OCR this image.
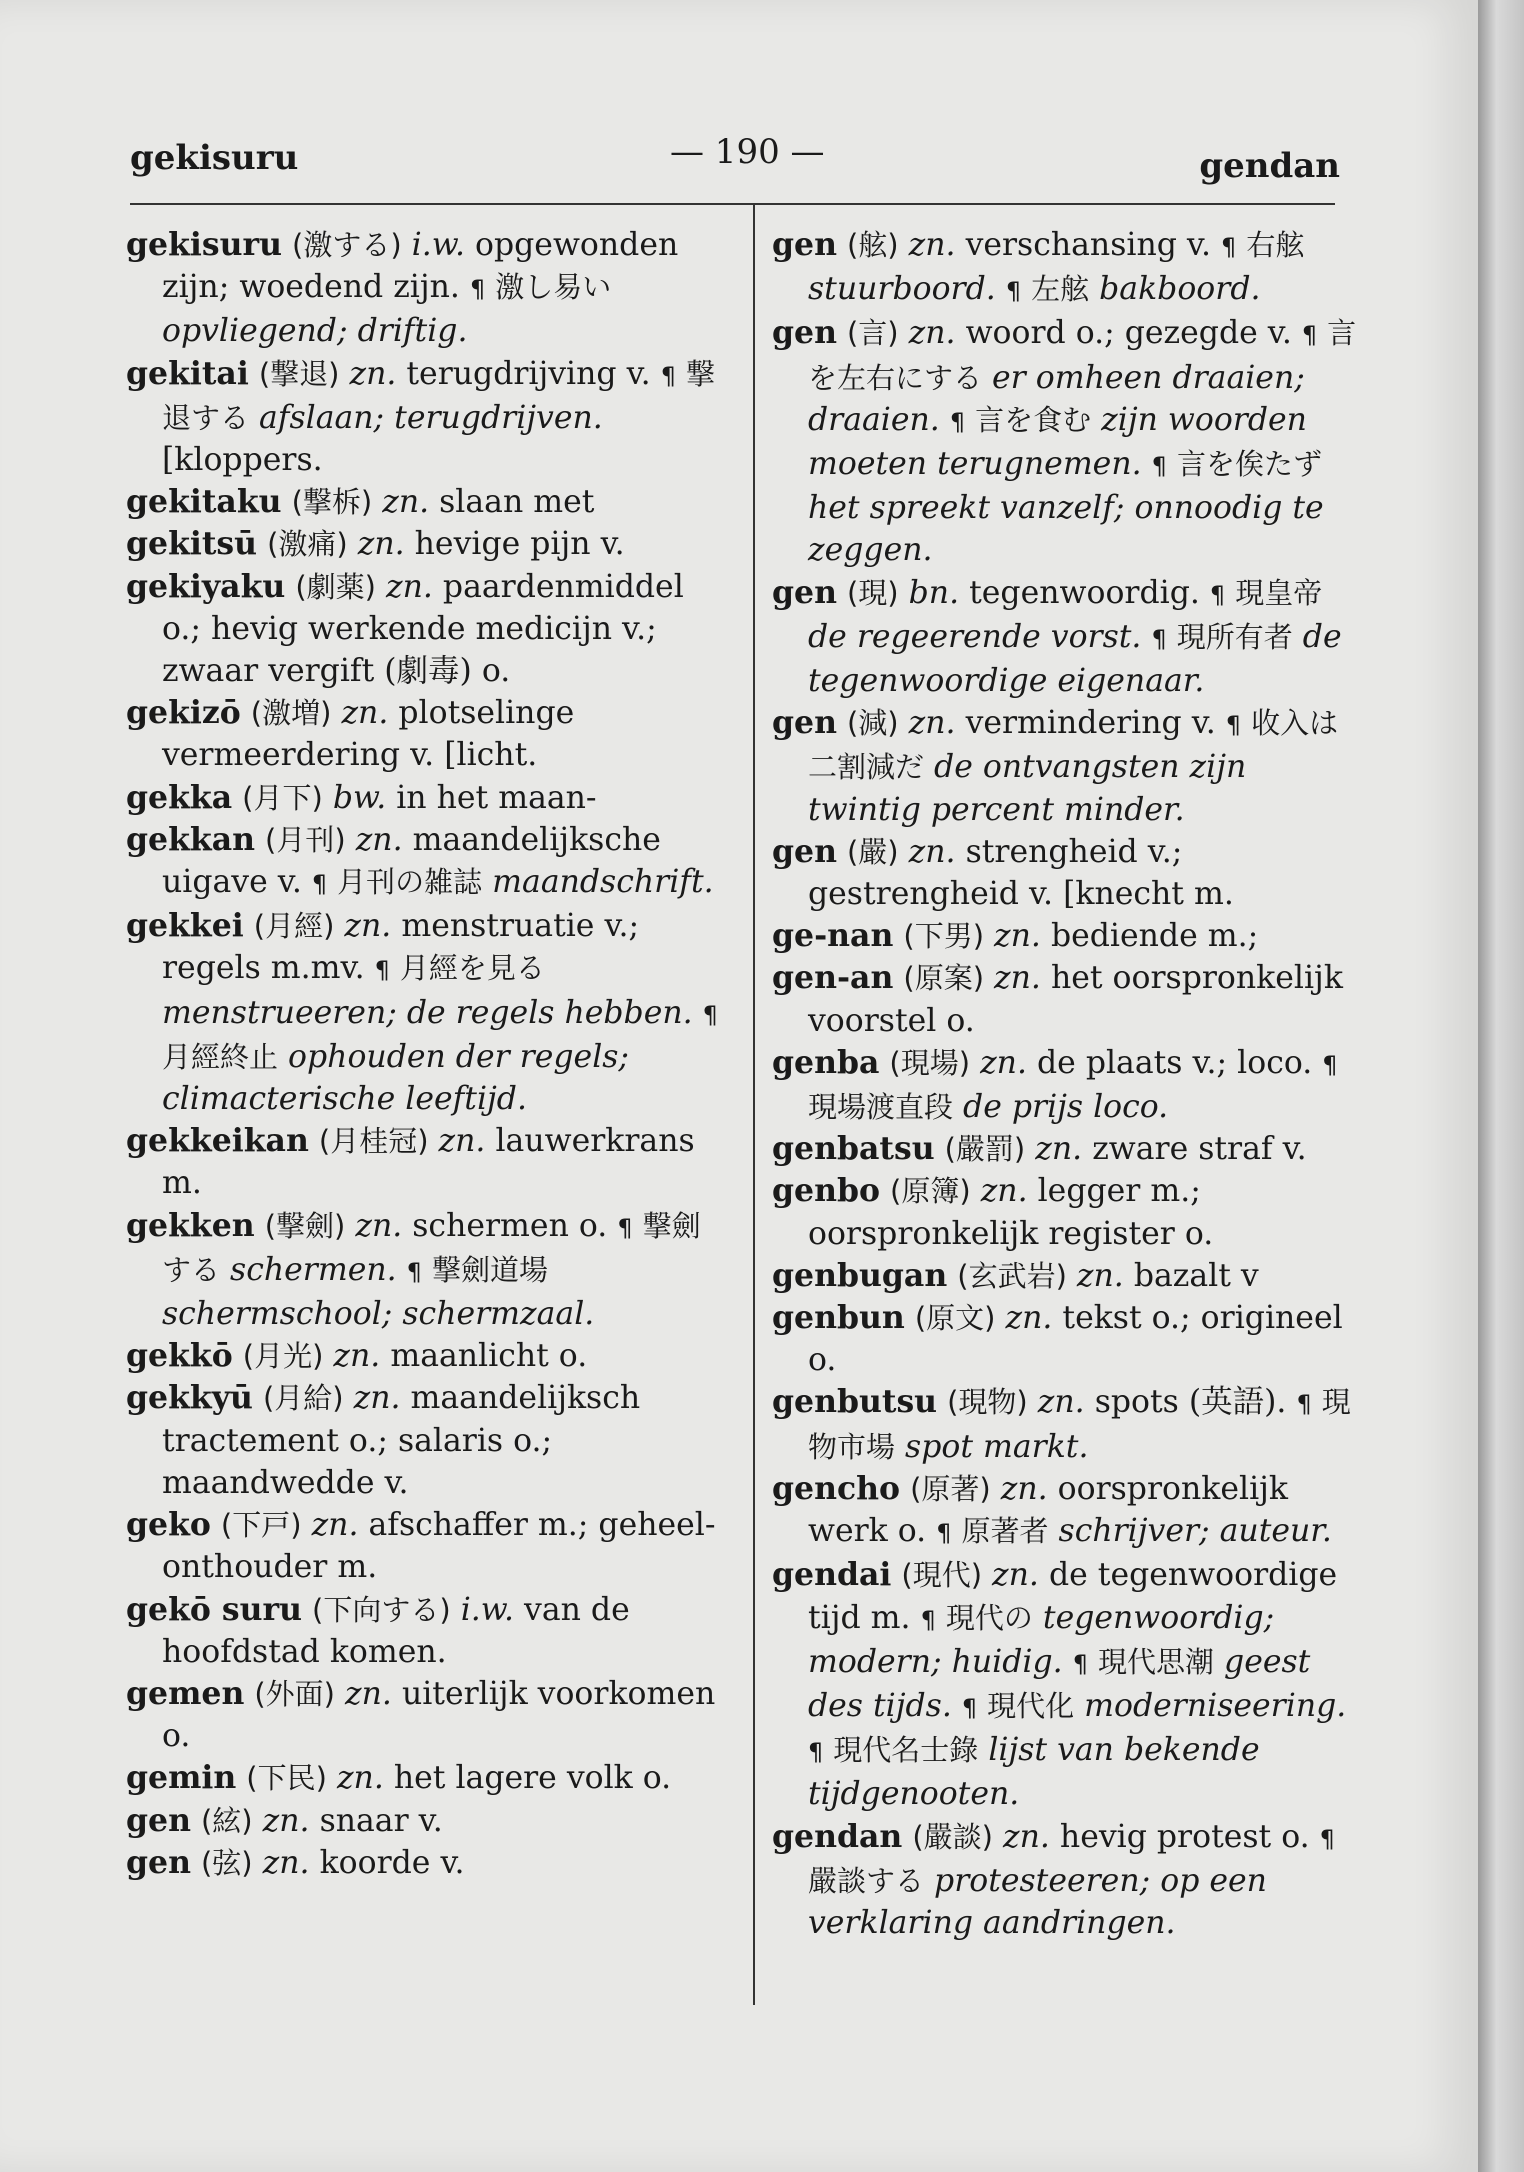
gekisuru	— 190 —	gendan

gekisuru (激する) i.w. opgewonden zijn; woedend zijn. ¶ 激し易い opvliegend; driftig.

gekitai (撃退) zn. terugdrijving v. ¶ 撃退する afslaan; terugdrijven. [kloppers.

gekitaku (撃柝) zn. slaan met

gekitsū (激痛) zn. hevige pijn v.

gekiyaku (劇薬) zn. paardenmiddel o.; hevig werkende medicijn v.; zwaar vergift (劇毒) o.

gekizō (激増) zn. plotselinge vermeerdering v. [licht.

gekka (月下) bw. in het maan-

gekkan (月刊) zn. maandelijksche uigave v. ¶ 月刊の雑誌 maandschrift.

gekkei (月經) zn. menstruatie v.; regels m.mv. ¶ 月經を見る menstrueeren; de regels hebben. ¶ 月經終止 ophouden der regels; climacterische leeftijd.

gekkeikan (月桂冠) zn. lauwerkrans m.

gekken (撃劍) zn. schermen o. ¶ 撃劍する schermen. ¶ 撃劍道場 schermschool; schermzaal.

gekkō (月光) zn. maanlicht o.

gekkyū (月給) zn. maandelijksch tractement o.; salaris o.; maandwedde v.

geko (下戸) zn. afschaffer m.; geheel-onthouder m.

gekō suru (下向する) i.w. van de hoofdstad komen.

gemen (外面) zn. uiterlijk voorkomen o.

gemin (下民) zn. het lagere volk o.

gen (絃) zn. snaar v.

gen (弦) zn. koorde v.

gen (舷) zn. verschansing v. ¶ 右舷 stuurboord. ¶ 左舷 bakboord.

gen (言) zn. woord o.; gezegde v. ¶ 言を左右にする er omheen draaien; draaien. ¶ 言を食む zijn woorden moeten terugnemen. ¶ 言を俟たず het spreekt vanzelf; onnoodig te zeggen.

gen (現) bn. tegenwoordig. ¶ 現皇帝 de regeerende vorst. ¶ 現所有者 de tegenwoordige eigenaar.

gen (減) zn. vermindering v. ¶ 收入は二割減だ de ontvangsten zijn twintig percent minder.

gen (嚴) zn. strengheid v.; gestrengheid v. [knecht m.

ge-nan (下男) zn. bediende m.;

gen-an (原案) zn. het oorspronkelijk voorstel o.

genba (現場) zn. de plaats v.; loco. ¶ 現場渡直段 de prijs loco.

genbatsu (嚴罰) zn. zware straf v.

genbo (原簿) zn. legger m.; oorspronkelijk register o.

genbugan (玄武岩) zn. bazalt v

genbun (原文) zn. tekst o.; origineel o.

genbutsu (現物) zn. spots (英語). ¶ 現物市場 spot markt.

gencho (原著) zn. oorspronkelijk werk o. ¶ 原著者 schrijver; auteur.

gendai (現代) zn. de tegenwoordige tijd m. ¶ 現代の tegenwoordig; modern; huidig. ¶ 現代思潮 geest des tijds. ¶ 現代化 moderniseering. ¶ 現代名士錄 lijst van bekende tijdgenooten.

gendan (嚴談) zn. hevig protest o. ¶ 嚴談する protesteeren; op een verklaring aandringen.
